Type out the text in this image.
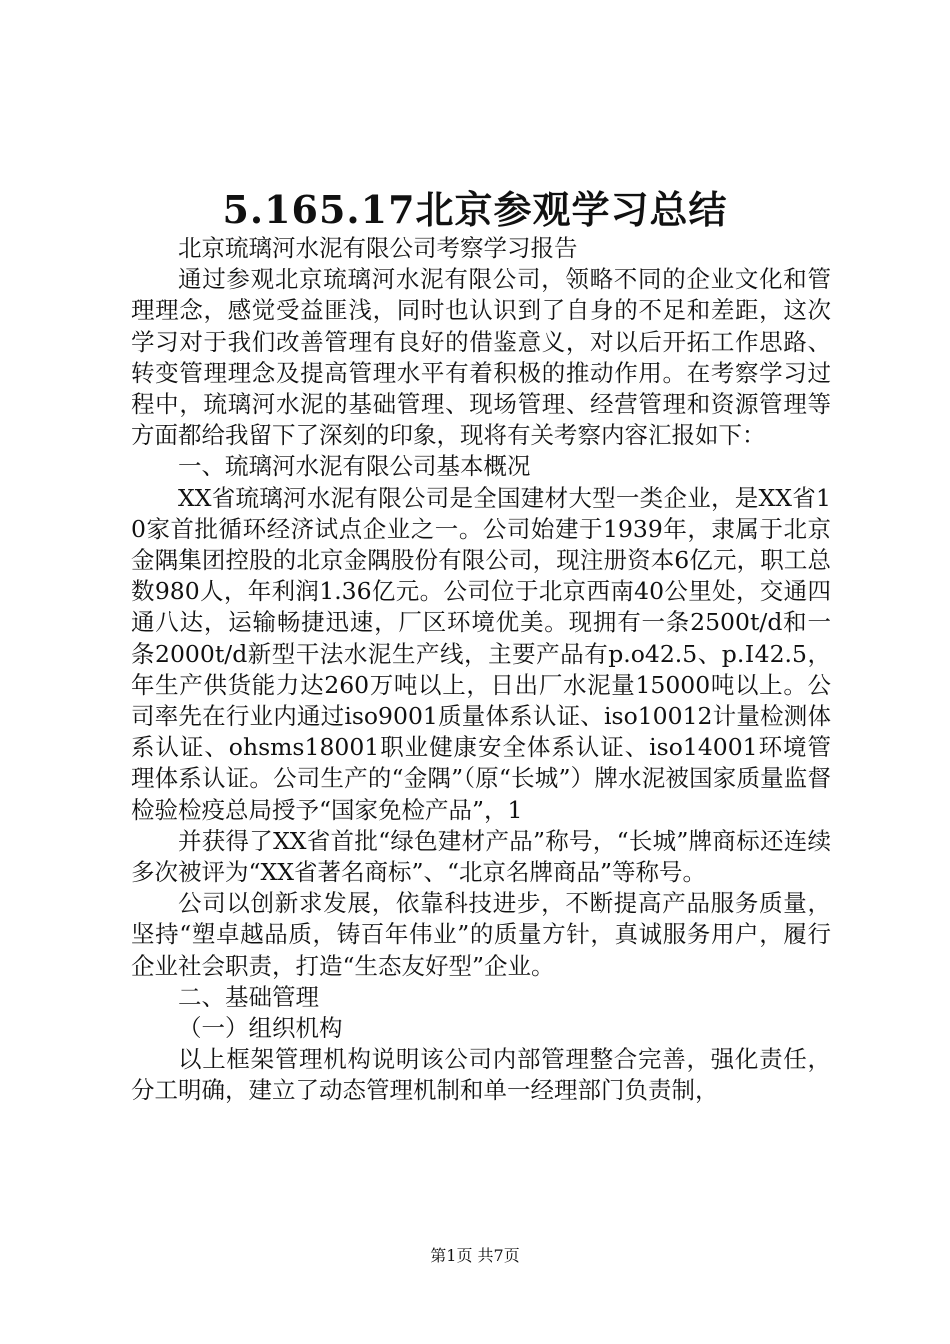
5.165.17北京参观学习总结

北京琉璃河水泥有限公司考察学习报告

通过参观北京琉璃河水泥有限公司，领略不同的企业文化和管理理念，感觉受益匪浅，同时也认识到了自身的不足和差距，这次学习对于我们改善管理有良好的借鉴意义，对以后开拓工作思路、转变管理理念及提高管理水平有着积极的推动作用。在考察学习过程中，琉璃河水泥的基础管理、现场管理、经营管理和资源管理等方面都给我留下了深刻的印象，现将有关考察内容汇报如下：

一、琉璃河水泥有限公司基本概况

XX省琉璃河水泥有限公司是全国建材大型一类企业，是XX省10家首批循环经济试点企业之一。公司始建于1939年，隶属于北京金隅集团控股的北京金隅股份有限公司，现注册资本6亿元，职工总数980人，年利润1.36亿元。公司位于北京西南40公里处，交通四通八达，运输畅捷迅速，厂区环境优美。现拥有一条2500t/d和一条2000t/d新型干法水泥生产线，主要产品有p.o42.5、p.Ⅰ42.5，年生产供货能力达260万吨以上，日出厂水泥量15000吨以上。公司率先在行业内通过iso9001质量体系认证、iso10012计量检测体系认证、ohsms18001职业健康安全体系认证、iso14001环境管理体系认证。公司生产的“金隅”（原“长城”）牌水泥被国家质量监督检验检疫总局授予“国家免检产品”，1

并获得了XX省首批“绿色建材产品”称号，“长城”牌商标还连续多次被评为“XX省著名商标”、“北京名牌商品”等称号。

公司以创新求发展，依靠科技进步，不断提高产品服务质量，坚持“塑卓越品质，铸百年伟业”的质量方针，真诚服务用户，履行企业社会职责，打造“生态友好型”企业。

二、基础管理

（一）组织机构

以上框架管理机构说明该公司内部管理整合完善，强化责任，分工明确，建立了动态管理机制和单一经理部门负责制，

第1页 共7页
